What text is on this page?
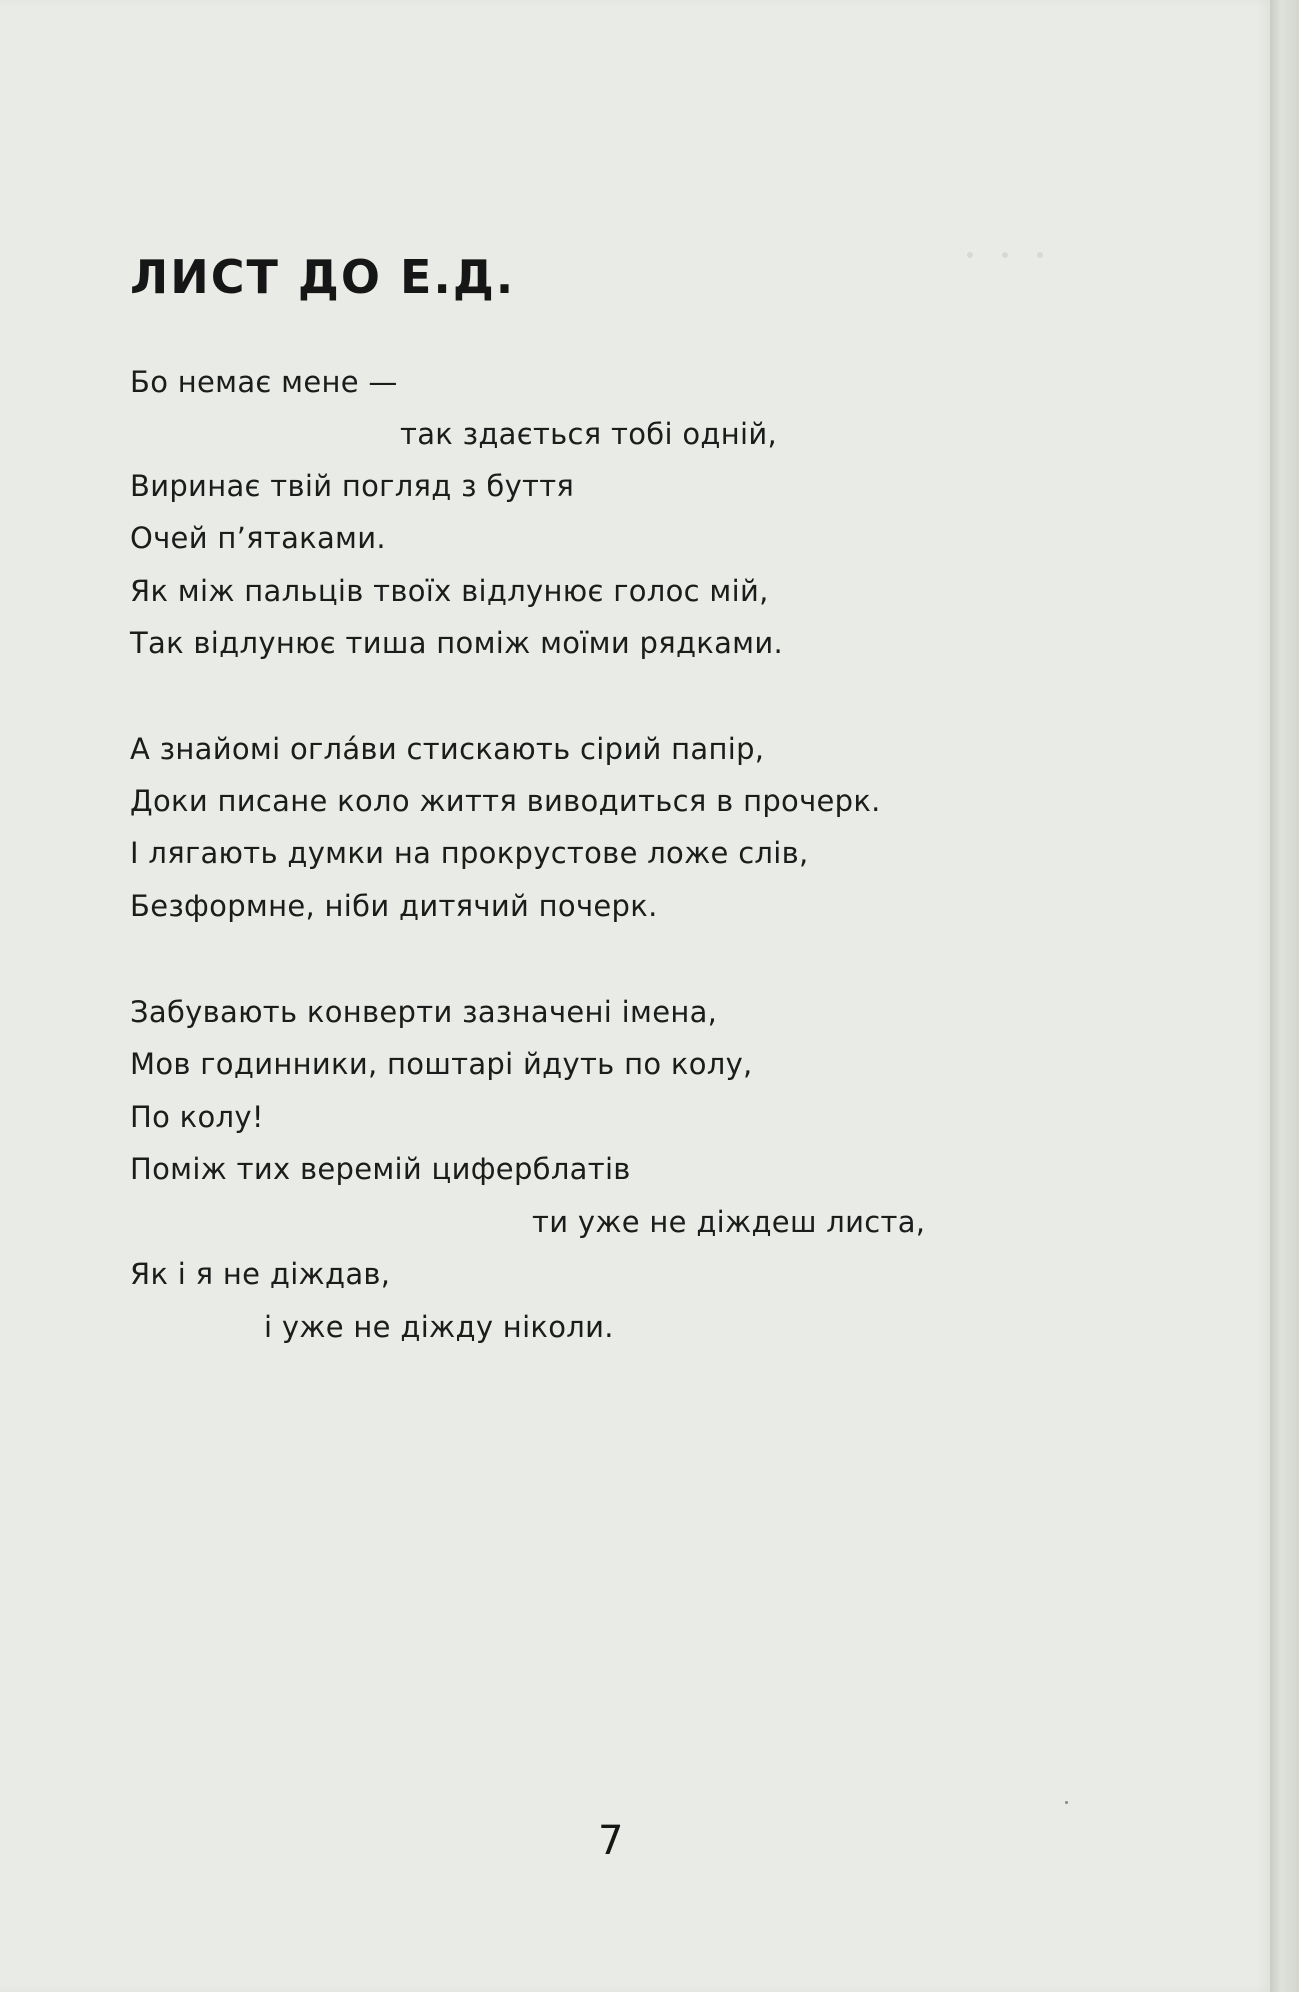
ЛИСТ ДО Е.Д.
Бо немає мене —
так здається тобі одній,
Виринає твій погляд з буття
Очей п’ятаками.
Як між пальців твоїх відлунює голос мій,
Так відлунює тиша поміж моїми рядками.
А знайомі огла́ви стискають сірий папір,
Доки писане коло життя виводиться в прочерк.
І лягають думки на прокрустове ложе слів,
Безформне, ніби дитячий почерк.
Забувають конверти зазначені імена,
Мов годинники, поштарі йдуть по колу,
По колу!
Поміж тих веремій циферблатів
ти уже не діждеш листа,
Як і я не діждав,
і уже не діжду ніколи.
7
